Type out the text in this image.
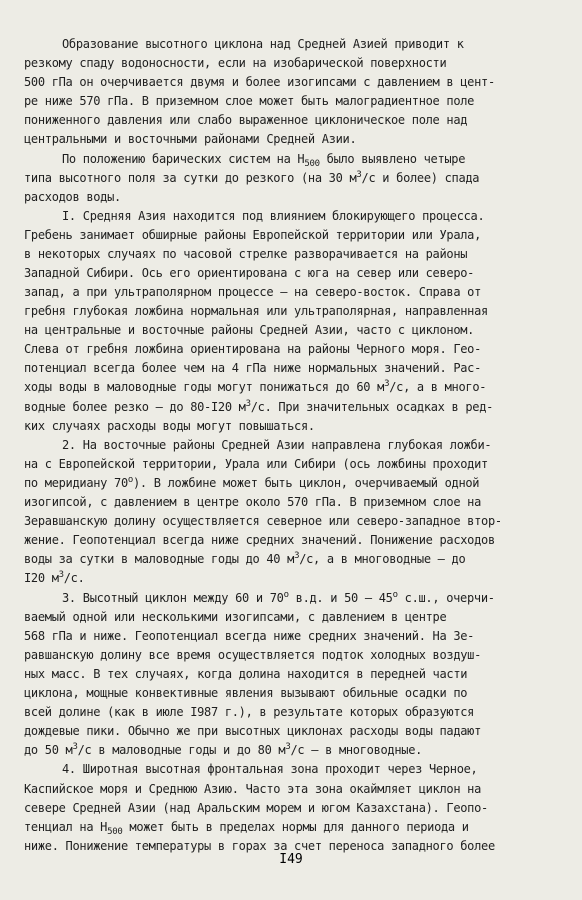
Образование высотного циклона над Средней Азией приводит к
резкому спаду водоносности, если на изобарической поверхности
500 гПа он очерчивается двумя и более изогипсами с давлением в цент-
ре ниже 570 гПа. В приземном слое может быть малоградиентное поле
пониженного давления или слабо выраженное циклоническое поле над
центральными и восточными районами Средней Азии.
По положению барических систем на $Н_{500}$ было выявлено четыре
типа высотного поля за сутки до резкого (на 30 $м^3/с$ и более) спада
расходов воды.
I. Средняя Азия находится под влиянием блокирующего процесса.
Гребень занимает обширные районы Европейской территории или Урала,
в некоторых случаях по часовой стрелке разворачивается на районы
Западной Сибири. Ось его ориентирована с юга на север или северо-
запад, а при ультраполярном процессе – на северо-восток. Справа от
гребня глубокая ложбина нормальная или ультраполярная, направленная
на центральные и восточные районы Средней Азии, часто с циклоном.
Слева от гребня ложбина ориентирована на районы Черного моря. Гео-
потенциал всегда более чем на 4 гПа ниже нормальных значений. Рас-
ходы воды в маловодные годы могут понижаться до 60 $м^3/с$, а в много-
водные более резко – до 80-I20 $м^3/с$. При значительных осадках в ред-
ких случаях расходы воды могут повышаться.
2. На восточные районы Средней Азии направлена глубокая ложби-
на с Европейской территории, Урала или Сибири (ось ложбины проходит
по меридиану $70^о$). В ложбине может быть циклон, очерчиваемый одной
изогипсой, с давлением в центре около 570 гПа. В приземном слое на
Зеравшанскую долину осуществляется северное или северо-западное втор-
жение. Геопотенциал всегда ниже средних значений. Понижение расходов
воды за сутки в маловодные годы до 40 $м^3/с$, а в многоводные – до
I20 $м^3/с$.
3. Высотный циклон между 60 и $70^о$ в.д. и $50 - 45^о$ с.ш., очерчи-
ваемый одной или несколькими изогипсами, с давлением в центре
568 гПа и ниже. Геопотенциал всегда ниже средних значений. На Зе-
равшанскую долину все время осуществляется подток холодных воздуш-
ных масс. В тех случаях, когда долина находится в передней части
циклона, мощные конвективные явления вызывают обильные осадки по
всей долине (как в июле I987 г.), в результате которых образуются
дождевые пики. Обычно же при высотных циклонах расходы воды падают
до 50 $м^3/с$ в маловодные годы и до 80 $м^3/с$ – в многоводные.
4. Широтная высотная фронтальная зона проходит через Черное,
Каспийское моря и Среднюю Азию. Часто эта зона окаймляет циклон на
севере Средней Азии (над Аральским морем и югом Казахстана). Геопо-
тенциал на $Н_{500}$ может быть в пределах нормы для данного периода и
ниже. Понижение температуры в горах за счет переноса западного более
I49
